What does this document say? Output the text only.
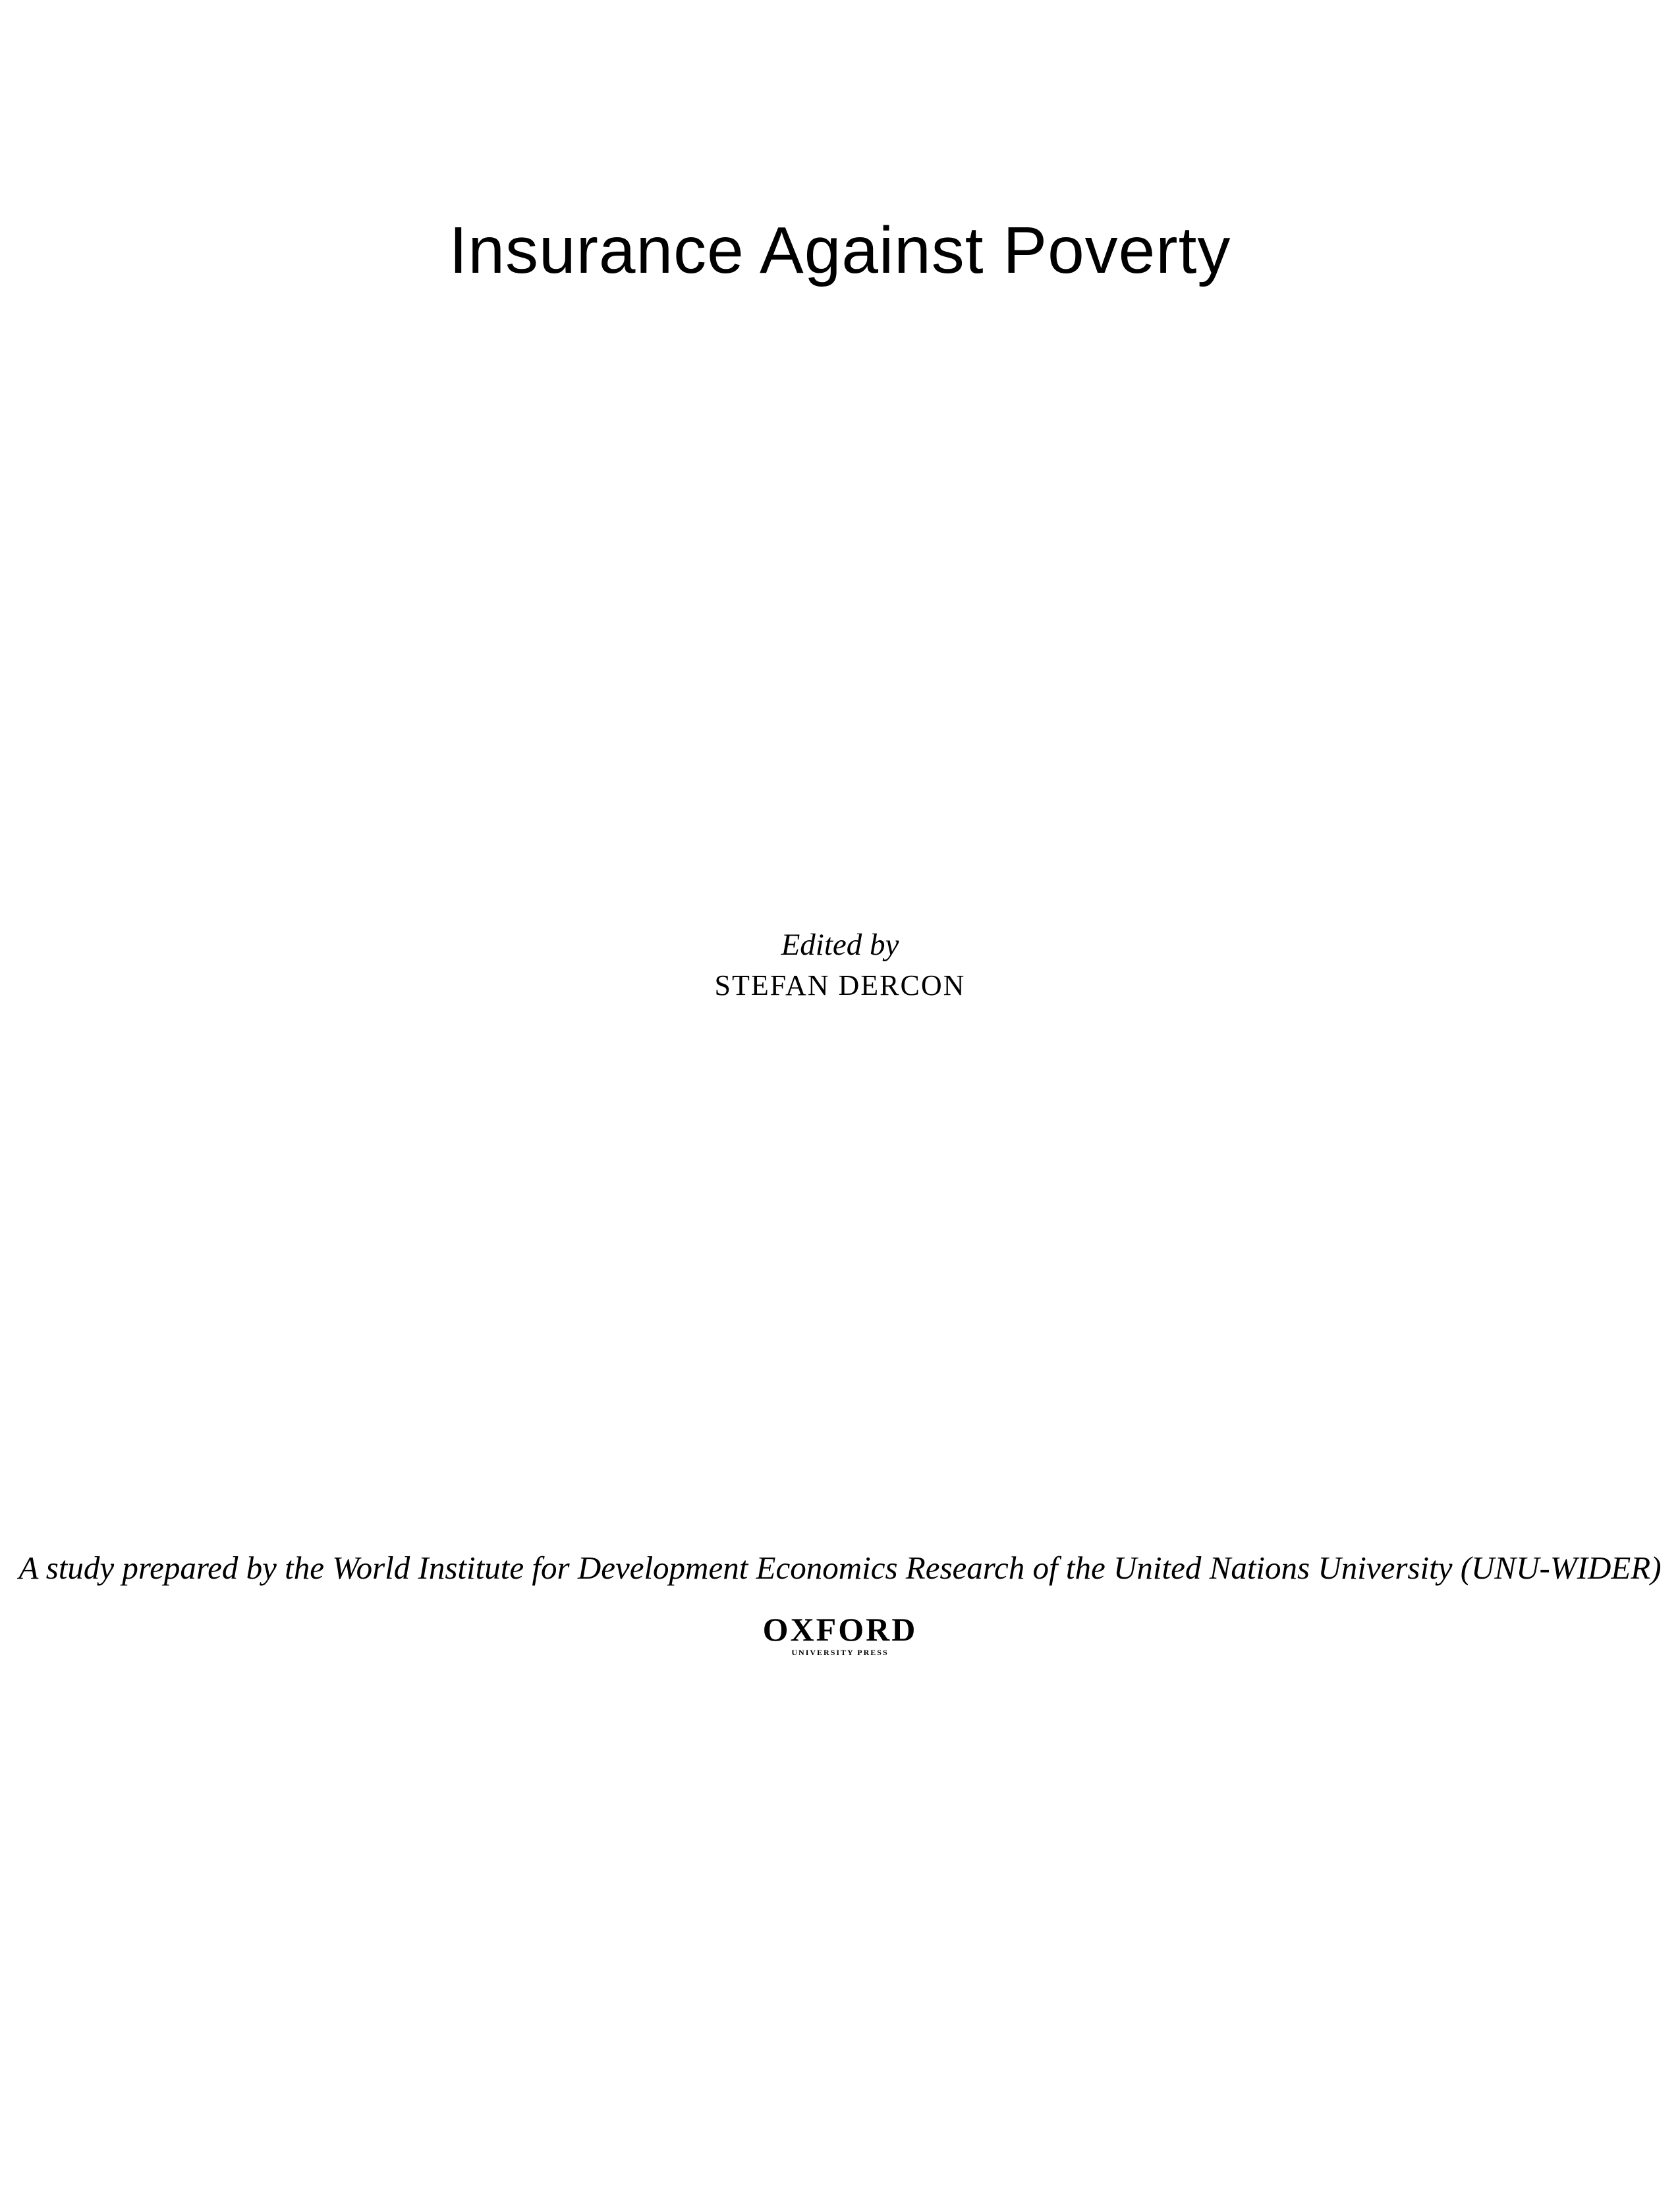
Insurance Against Poverty
Edited by
STEFAN DERCON
A study prepared by the World Institute for Development Economics Research of the United Nations University (UNU-WIDER)
OXFORD
UNIVERSITY PRESS
